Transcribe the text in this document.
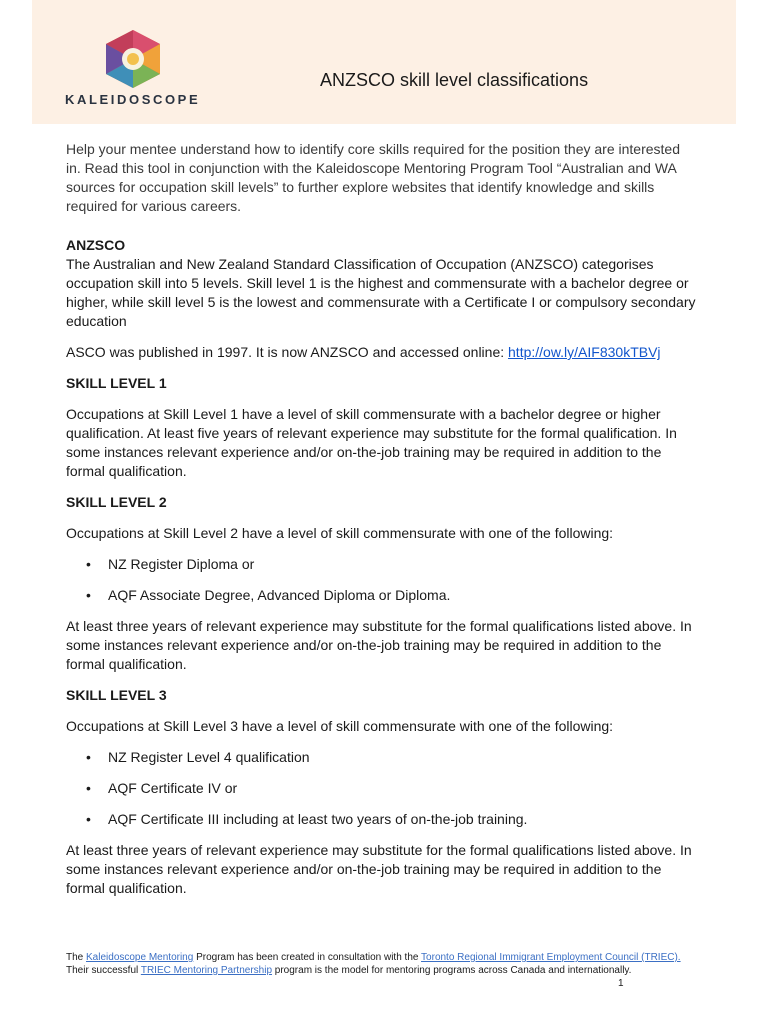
KALEIDOSCOPE
ANZSCO skill level classifications

Help your mentee understand how to identify core skills required for the position they are interested in. Read this tool in conjunction with the Kaleidoscope Mentoring Program Tool “Australian and WA sources for occupation skill levels” to further explore websites that identify knowledge and skills required for various careers.

ANZSCO

The Australian and New Zealand Standard Classification of Occupation (ANZSCO) categorises occupation skill into 5 levels. Skill level 1 is the highest and commensurate with a bachelor degree or higher, while skill level 5 is the lowest and commensurate with a Certificate I or compulsory secondary education

ASCO was published in 1997. It is now ANZSCO and accessed online: http://ow.ly/AIF830kTBVj

SKILL LEVEL 1

Occupations at Skill Level 1 have a level of skill commensurate with a bachelor degree or higher qualification. At least five years of relevant experience may substitute for the formal qualification. In some instances relevant experience and/or on-the-job training may be required in addition to the formal qualification.

SKILL LEVEL 2

Occupations at Skill Level 2 have a level of skill commensurate with one of the following:

• NZ Register Diploma or
• AQF Associate Degree, Advanced Diploma or Diploma.

At least three years of relevant experience may substitute for the formal qualifications listed above. In some instances relevant experience and/or on-the-job training may be required in addition to the formal qualification.

SKILL LEVEL 3

Occupations at Skill Level 3 have a level of skill commensurate with one of the following:

• NZ Register Level 4 qualification
• AQF Certificate IV or
• AQF Certificate III including at least two years of on-the-job training.

At least three years of relevant experience may substitute for the formal qualifications listed above. In some instances relevant experience and/or on-the-job training may be required in addition to the formal qualification.

The Kaleidoscope Mentoring Program has been created in consultation with the Toronto Regional Immigrant Employment Council (TRIEC). Their successful TRIEC Mentoring Partnership program is the model for mentoring programs across Canada and internationally.
1
